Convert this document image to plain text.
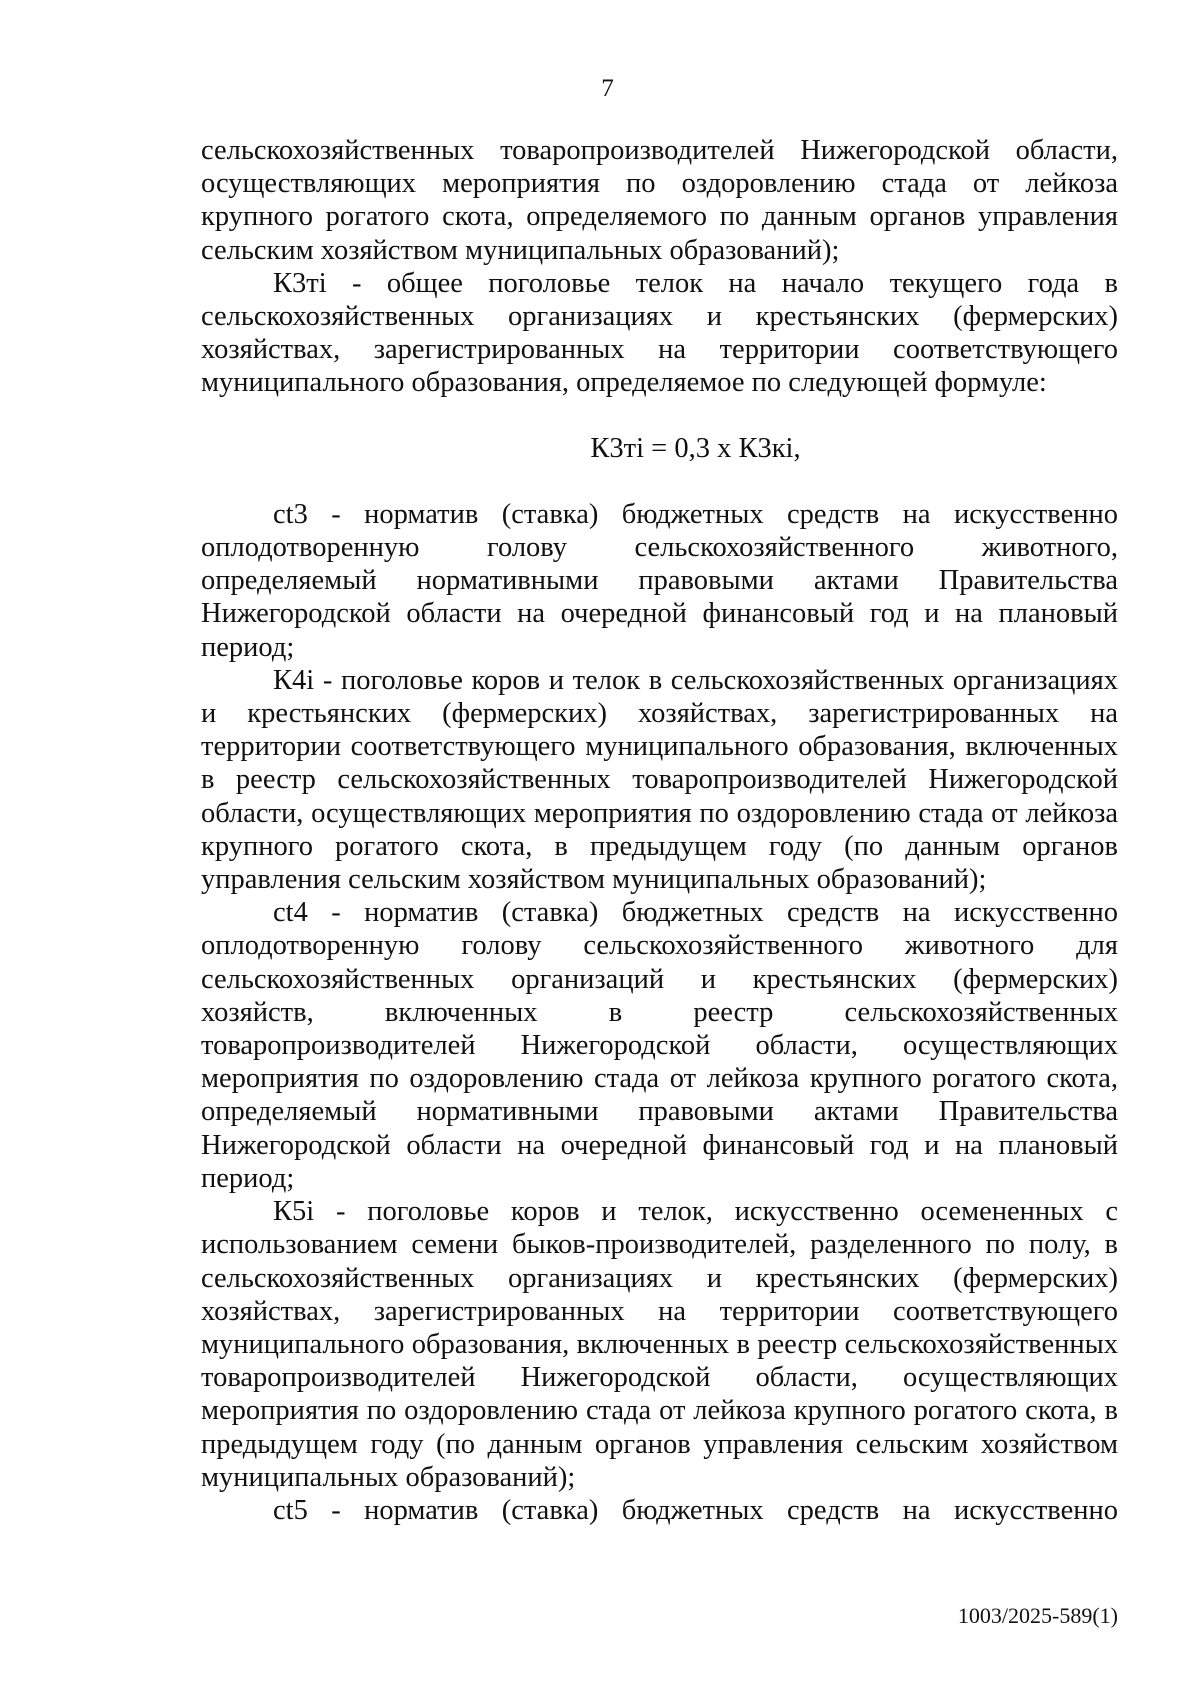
7

сельскохозяйственных товаропроизводителей Нижегородской области, осуществляющих мероприятия по оздоровлению стада от лейкоза крупного рогатого скота, определяемого по данным органов управления сельским хозяйством муниципальных образований);

К3тi - общее поголовье телок на начало текущего года в сельскохозяйственных организациях и крестьянских (фермерских) хозяйствах, зарегистрированных на территории соответствующего муниципального образования, определяемое по следующей формуле:

К3тi = 0,3 х К3кi,

ct3 - норматив (ставка) бюджетных средств на искусственно оплодотворенную голову сельскохозяйственного животного, определяемый нормативными правовыми актами Правительства Нижегородской области на очередной финансовый год и на плановый период;

К4i - поголовье коров и телок в сельскохозяйственных организациях и крестьянских (фермерских) хозяйствах, зарегистрированных на территории соответствующего муниципального образования, включенных в реестр сельскохозяйственных товаропроизводителей Нижегородской области, осуществляющих мероприятия по оздоровлению стада от лейкоза крупного рогатого скота, в предыдущем году (по данным органов управления сельским хозяйством муниципальных образований);

ct4 - норматив (ставка) бюджетных средств на искусственно оплодотворенную голову сельскохозяйственного животного для сельскохозяйственных организаций и крестьянских (фермерских) хозяйств, включенных в реестр сельскохозяйственных товаропроизводителей Нижегородской области, осуществляющих мероприятия по оздоровлению стада от лейкоза крупного рогатого скота, определяемый нормативными правовыми актами Правительства Нижегородской области на очередной финансовый год и на плановый период;

К5i - поголовье коров и телок, искусственно осемененных с использованием семени быков-производителей, разделенного по полу, в сельскохозяйственных организациях и крестьянских (фермерских) хозяйствах, зарегистрированных на территории соответствующего муниципального образования, включенных в реестр сельскохозяйственных товаропроизводителей Нижегородской области, осуществляющих мероприятия по оздоровлению стада от лейкоза крупного рогатого скота, в предыдущем году (по данным органов управления сельским хозяйством муниципальных образований);

ct5 - норматив (ставка) бюджетных средств на искусственно

1003/2025-589(1)
